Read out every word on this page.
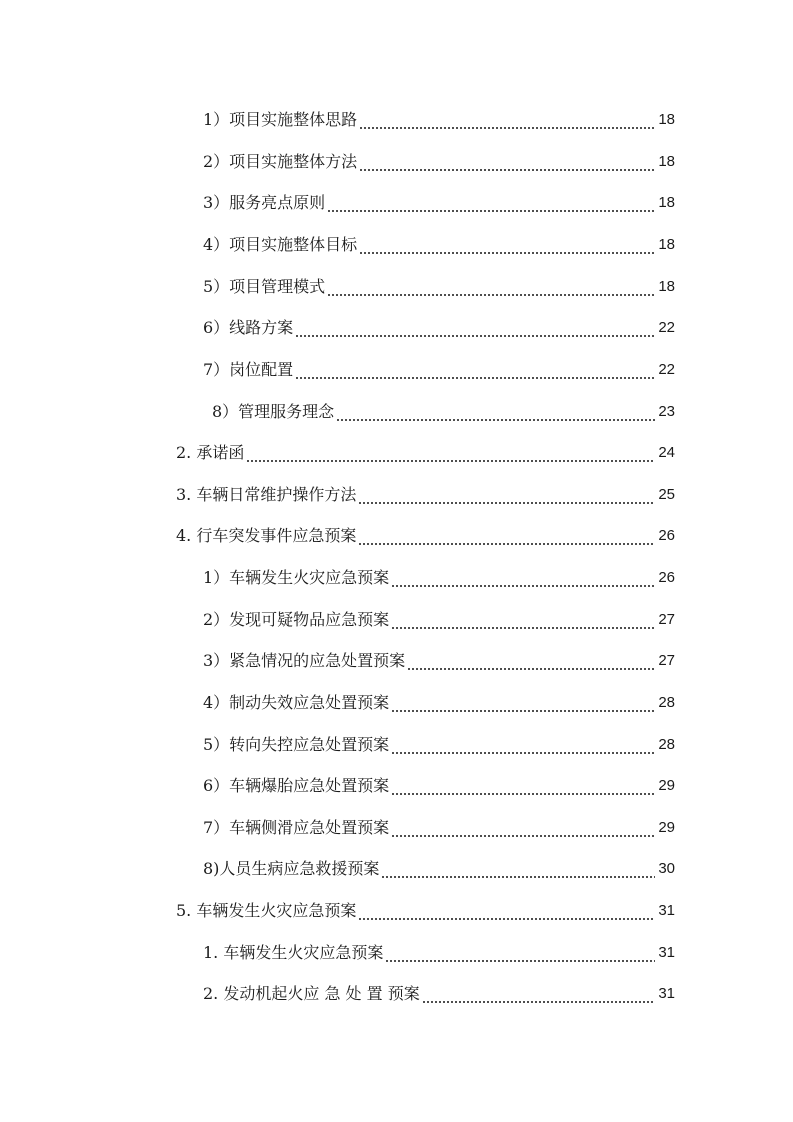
1）项目实施整体思路	18
2）项目实施整体方法	18
3）服务亮点原则	18
4）项目实施整体目标	18
5）项目管理模式	18
6）线路方案	22
7）岗位配置	22
8）管理服务理念	23
2. 承诺函	24
3. 车辆日常维护操作方法	25
4. 行车突发事件应急预案	26
1）车辆发生火灾应急预案	26
2）发现可疑物品应急预案	27
3）紧急情况的应急处置预案	27
4）制动失效应急处置预案	28
5）转向失控应急处置预案	28
6）车辆爆胎应急处置预案	29
7）车辆侧滑应急处置预案	29
8)人员生病应急救援预案	30
5. 车辆发生火灾应急预案	31
1. 车辆发生火灾应急预案	31
2. 发动机起火应 急 处 置 预案	31
